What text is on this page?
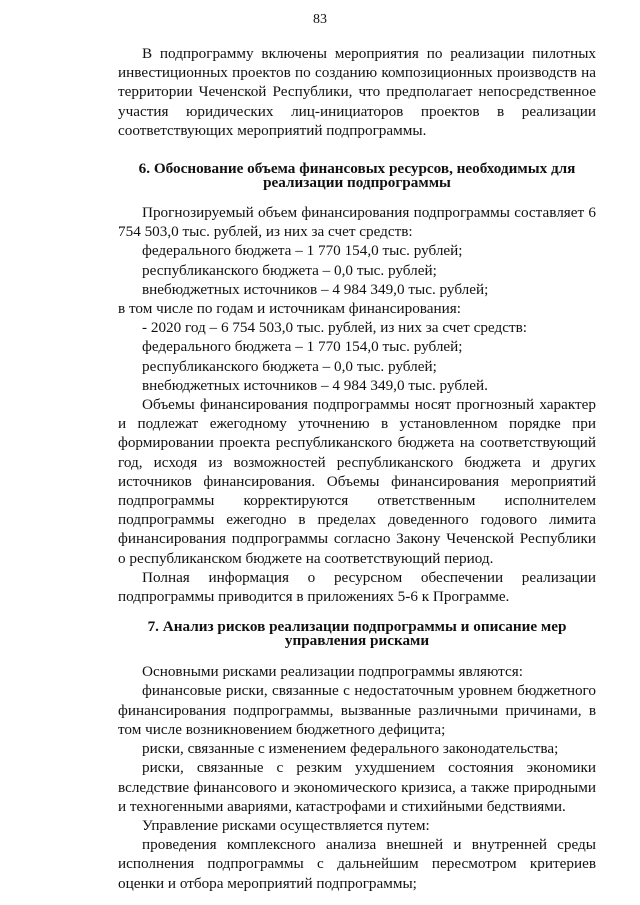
83

В подпрограмму включены мероприятия по реализации пилотных инвестиционных проектов по созданию композиционных производств на территории Чеченской Республики, что предполагает непосредственное участия юридических лиц-инициаторов проектов в реализации соответствующих мероприятий подпрограммы.

6. Обоснование объема финансовых ресурсов, необходимых для реализации подпрограммы

Прогнозируемый объем финансирования подпрограммы составляет 6 754 503,0 тыс. рублей, из них за счет средств:

федерального бюджета – 1 770 154,0 тыс. рублей;

республиканского бюджета – 0,0 тыс. рублей;

внебюджетных источников – 4 984 349,0 тыс. рублей;

в том числе по годам и источникам финансирования:

- 2020 год – 6 754 503,0 тыс. рублей, из них за счет средств:

федерального бюджета – 1 770 154,0 тыс. рублей;

республиканского бюджета – 0,0 тыс. рублей;

внебюджетных источников – 4 984 349,0 тыс. рублей.

Объемы финансирования подпрограммы носят прогнозный характер и подлежат ежегодному уточнению в установленном порядке при формировании проекта республиканского бюджета на соответствующий год, исходя из возможностей республиканского бюджета и других источников финансирования. Объемы финансирования мероприятий подпрограммы корректируются ответственным исполнителем подпрограммы ежегодно в пределах доведенного годового лимита финансирования подпрограммы согласно Закону Чеченской Республики о республиканском бюджете на соответствующий период.

Полная информация о ресурсном обеспечении реализации подпрограммы приводится в приложениях 5-6 к Программе.

7. Анализ рисков реализации подпрограммы и описание мер управления рисками

Основными рисками реализации подпрограммы являются:

финансовые риски, связанные с недостаточным уровнем бюджетного финансирования подпрограммы, вызванные различными причинами, в том числе возникновением бюджетного дефицита;

риски, связанные с изменением федерального законодательства;

риски, связанные с резким ухудшением состояния экономики вследствие финансового и экономического кризиса, а также природными и техногенными авариями, катастрофами и стихийными бедствиями.

Управление рисками осуществляется путем:

проведения комплексного анализа внешней и внутренней среды исполнения подпрограммы с дальнейшим пересмотром критериев оценки и отбора мероприятий подпрограммы;
